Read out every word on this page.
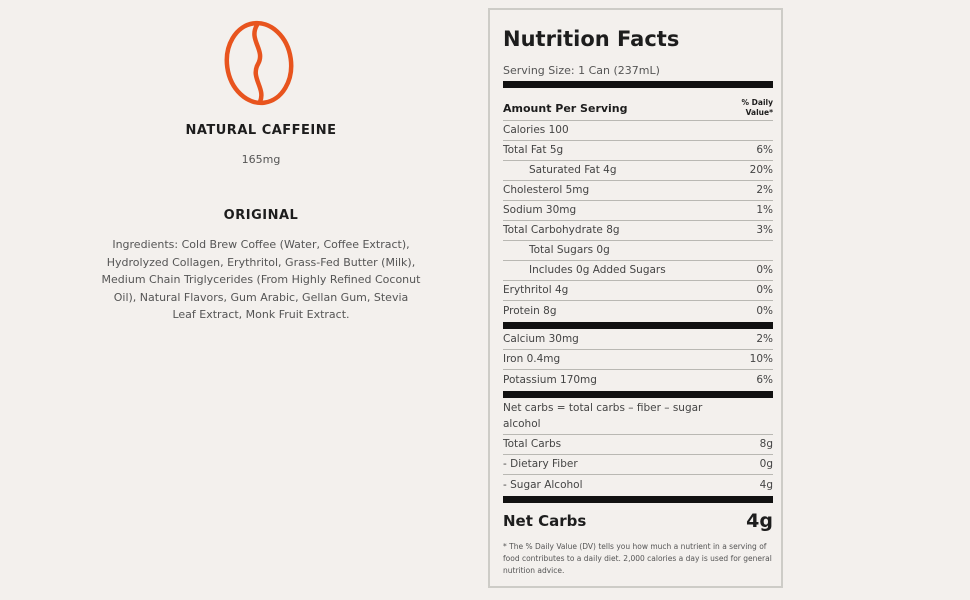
NATURAL CAFFEINE
165mg
ORIGINAL
Ingredients: Cold Brew Coffee (Water, Coffee Extract), Hydrolyzed Collagen, Erythritol, Grass-Fed Butter (Milk), Medium Chain Triglycerides (From Highly Refined Coconut Oil), Natural Flavors, Gum Arabic, Gellan Gum, Stevia Leaf Extract, Monk Fruit Extract.
Nutrition Facts
Serving Size: 1 Can (237mL)
Amount Per Serving	% Daily
Value*
Calories 100
Total Fat 5g	6%
Saturated Fat 4g	20%
Cholesterol 5mg	2%
Sodium 30mg	1%
Total Carbohydrate 8g	3%
Total Sugars 0g
Includes 0g Added Sugars	0%
Erythritol 4g	0%
Protein 8g	0%
Calcium 30mg	2%
Iron 0.4mg	10%
Potassium 170mg	6%
Net carbs = total carbs – fiber – sugar alcohol
Total Carbs	8g
- Dietary Fiber	0g
- Sugar Alcohol	4g
Net Carbs	4g
* The % Daily Value (DV) tells you how much a nutrient in a serving of food contributes to a daily diet. 2,000 calories a day is used for general nutrition advice.
